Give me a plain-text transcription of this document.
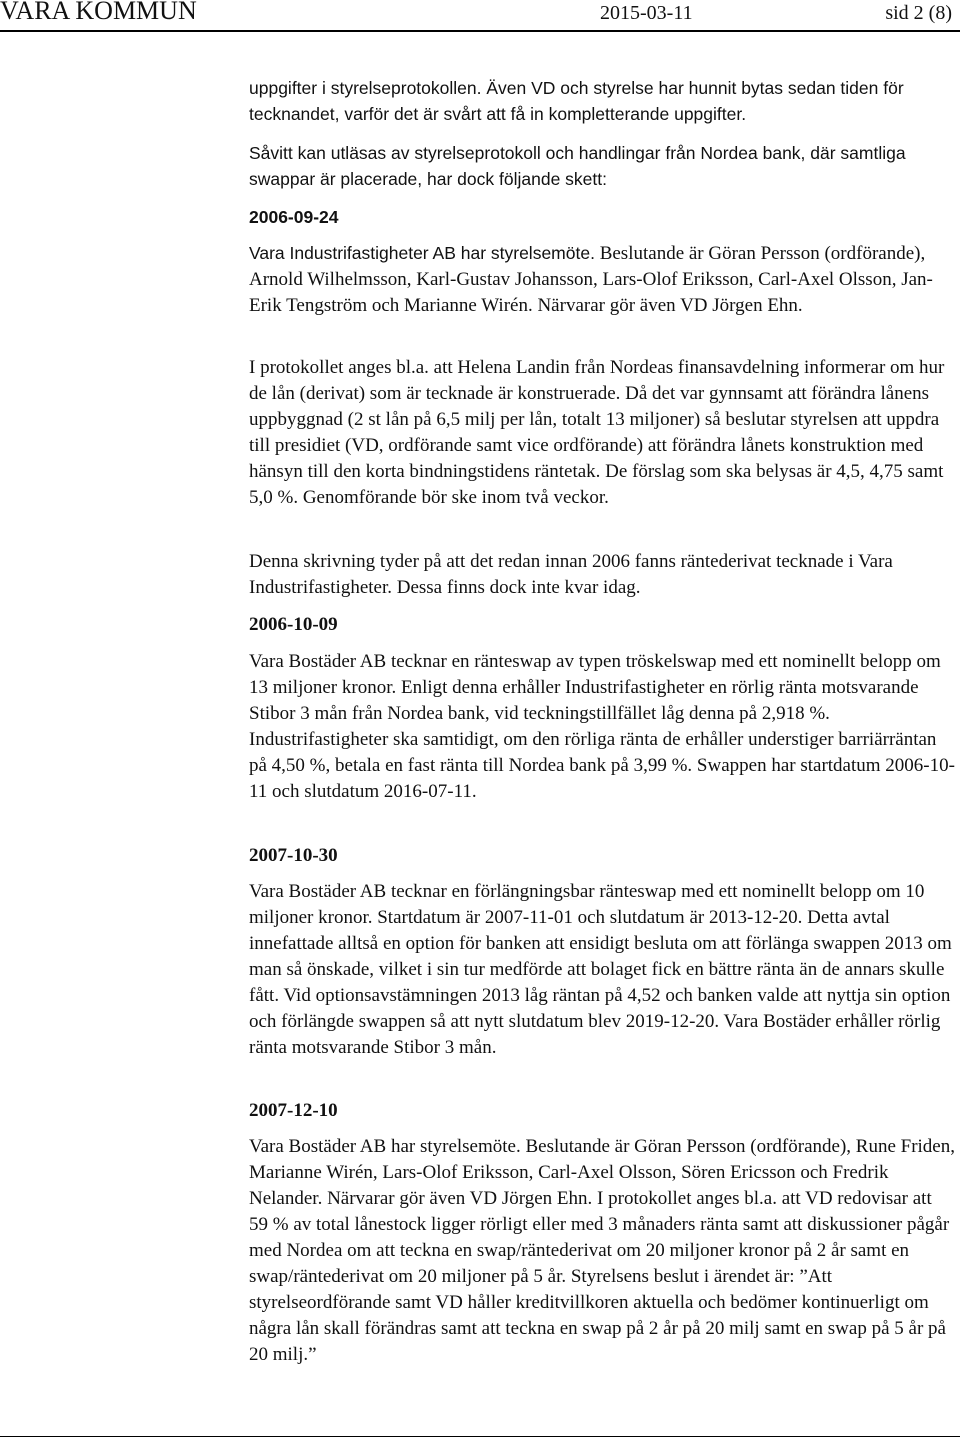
VARA KOMMUN	2015-03-11	sid 2 (8)

uppgifter i styrelseprotokollen. Även VD och styrelse har hunnit bytas sedan tiden för tecknandet, varför det är svårt att få in kompletterande uppgifter.

Såvitt kan utläsas av styrelseprotokoll och handlingar från Nordea bank, där samtliga swappar är placerade, har dock följande skett:

2006-09-24

Vara Industrifastigheter AB har styrelsemöte. Beslutande är Göran Persson (ordförande), Arnold Wilhelmsson, Karl-Gustav Johansson, Lars-Olof Eriksson, Carl-Axel Olsson, Jan-Erik Tengström och Marianne Wirén. Närvarar gör även VD Jörgen Ehn.

I protokollet anges bl.a. att Helena Landin från Nordeas finansavdelning informerar om hur de lån (derivat) som är tecknade är konstruerade. Då det var gynnsamt att förändra lånens uppbyggnad (2 st lån på 6,5 milj per lån, totalt 13 miljoner) så beslutar styrelsen att uppdra till presidiet (VD, ordförande samt vice ordförande) att förändra lånets konstruktion med hänsyn till den korta bindningstidens räntetak. De förslag som ska belysas är 4,5, 4,75 samt 5,0 %. Genomförande bör ske inom två veckor.

Denna skrivning tyder på att det redan innan 2006 fanns räntederivat tecknade i Vara Industrifastigheter. Dessa finns dock inte kvar idag.

2006-10-09

Vara Bostäder AB tecknar en ränteswap av typen tröskelswap med ett nominellt belopp om 13 miljoner kronor. Enligt denna erhåller Industrifastigheter en rörlig ränta motsvarande Stibor 3 mån från Nordea bank, vid teckningstillfället låg denna på 2,918 %. Industrifastigheter ska samtidigt, om den rörliga ränta de erhåller understiger barriärräntan på 4,50 %, betala en fast ränta till Nordea bank på 3,99 %. Swappen har startdatum 2006-10-11 och slutdatum 2016-07-11.

2007-10-30

Vara Bostäder AB tecknar en förlängningsbar ränteswap med ett nominellt belopp om 10 miljoner kronor. Startdatum är 2007-11-01 och slutdatum är 2013-12-20. Detta avtal innefattade alltså en option för banken att ensidigt besluta om att förlänga swappen 2013 om man så önskade, vilket i sin tur medförde att bolaget fick en bättre ränta än de annars skulle fått. Vid optionsavstämningen 2013 låg räntan på 4,52 och banken valde att nyttja sin option och förlängde swappen så att nytt slutdatum blev 2019-12-20. Vara Bostäder erhåller rörlig ränta motsvarande Stibor 3 mån.

2007-12-10

Vara Bostäder AB har styrelsemöte. Beslutande är Göran Persson (ordförande), Rune Friden, Marianne Wirén, Lars-Olof Eriksson, Carl-Axel Olsson, Sören Ericsson och Fredrik Nelander. Närvarar gör även VD Jörgen Ehn. I protokollet anges bl.a. att VD redovisar att 59 % av total lånestock ligger rörligt eller med 3 månaders ränta samt att diskussioner pågår med Nordea om att teckna en swap/räntederivat om 20 miljoner kronor på 2 år samt en swap/räntederivat om 20 miljoner på 5 år. Styrelsens beslut i ärendet är: ”Att styrelseordförande samt VD håller kreditvillkoren aktuella och bedömer kontinuerligt om några lån skall förändras samt att teckna en swap på 2 år på 20 milj samt en swap på 5 år på 20 milj.”
